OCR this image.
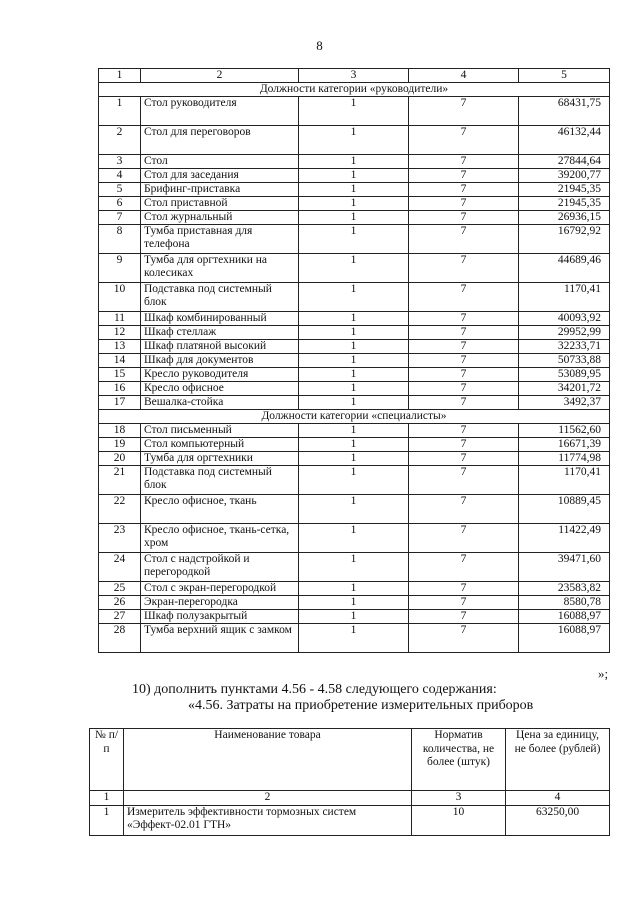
8
1	2	3	4	5
Должности категории «руководители»				
1	Стол руководителя	1	7	68431,75
2	Стол для переговоров	1	7	46132,44
3	Стол	1	7	27844,64
4	Стол для заседания	1	7	39200,77
5	Брифинг-приставка	1	7	21945,35
6	Стол приставной	1	7	21945,35
7	Стол журнальный	1	7	26936,15
8	Тумба приставная для телефона	1	7	16792,92
9	Тумба для оргтехники на колесиках	1	7	44689,46
10	Подставка под системный блок	1	7	1170,41
11	Шкаф комбинированный	1	7	40093,92
12	Шкаф стеллаж	1	7	29952,99
13	Шкаф платяной высокий	1	7	32233,71
14	Шкаф для документов	1	7	50733,88
15	Кресло руководителя	1	7	53089,95
16	Кресло офисное	1	7	34201,72
17	Вешалка-стойка	1	7	3492,37
Должности категории «специалисты»				
18	Стол письменный	1	7	11562,60
19	Стол компьютерный	1	7	16671,39
20	Тумба для оргтехники	1	7	11774,98
21	Подставка под системный блок	1	7	1170,41
22	Кресло офисное, ткань	1	7	10889,45
23	Кресло офисное, ткань-сетка, хром	1	7	11422,49
24	Стол с надстройкой и перегородкой	1	7	39471,60
25	Стол с экран-перегородкой	1	7	23583,82
26	Экран-перегородка	1	7	8580,78
27	Шкаф полузакрытый	1	7	16088,97
28	Тумба верхний ящик с замком	1	7	16088,97
»;
10) дополнить пунктами 4.56 - 4.58 следующего содержания:
«4.56. Затраты на приобретение измерительных приборов
№ п/п	Наименование товара	Норматив количества, не более (штук)	Цена за единицу, не более (рублей)
1	2	3	4
1	Измеритель эффективности тормозных систем «Эффект-02.01 ГТН»	10	63250,00
